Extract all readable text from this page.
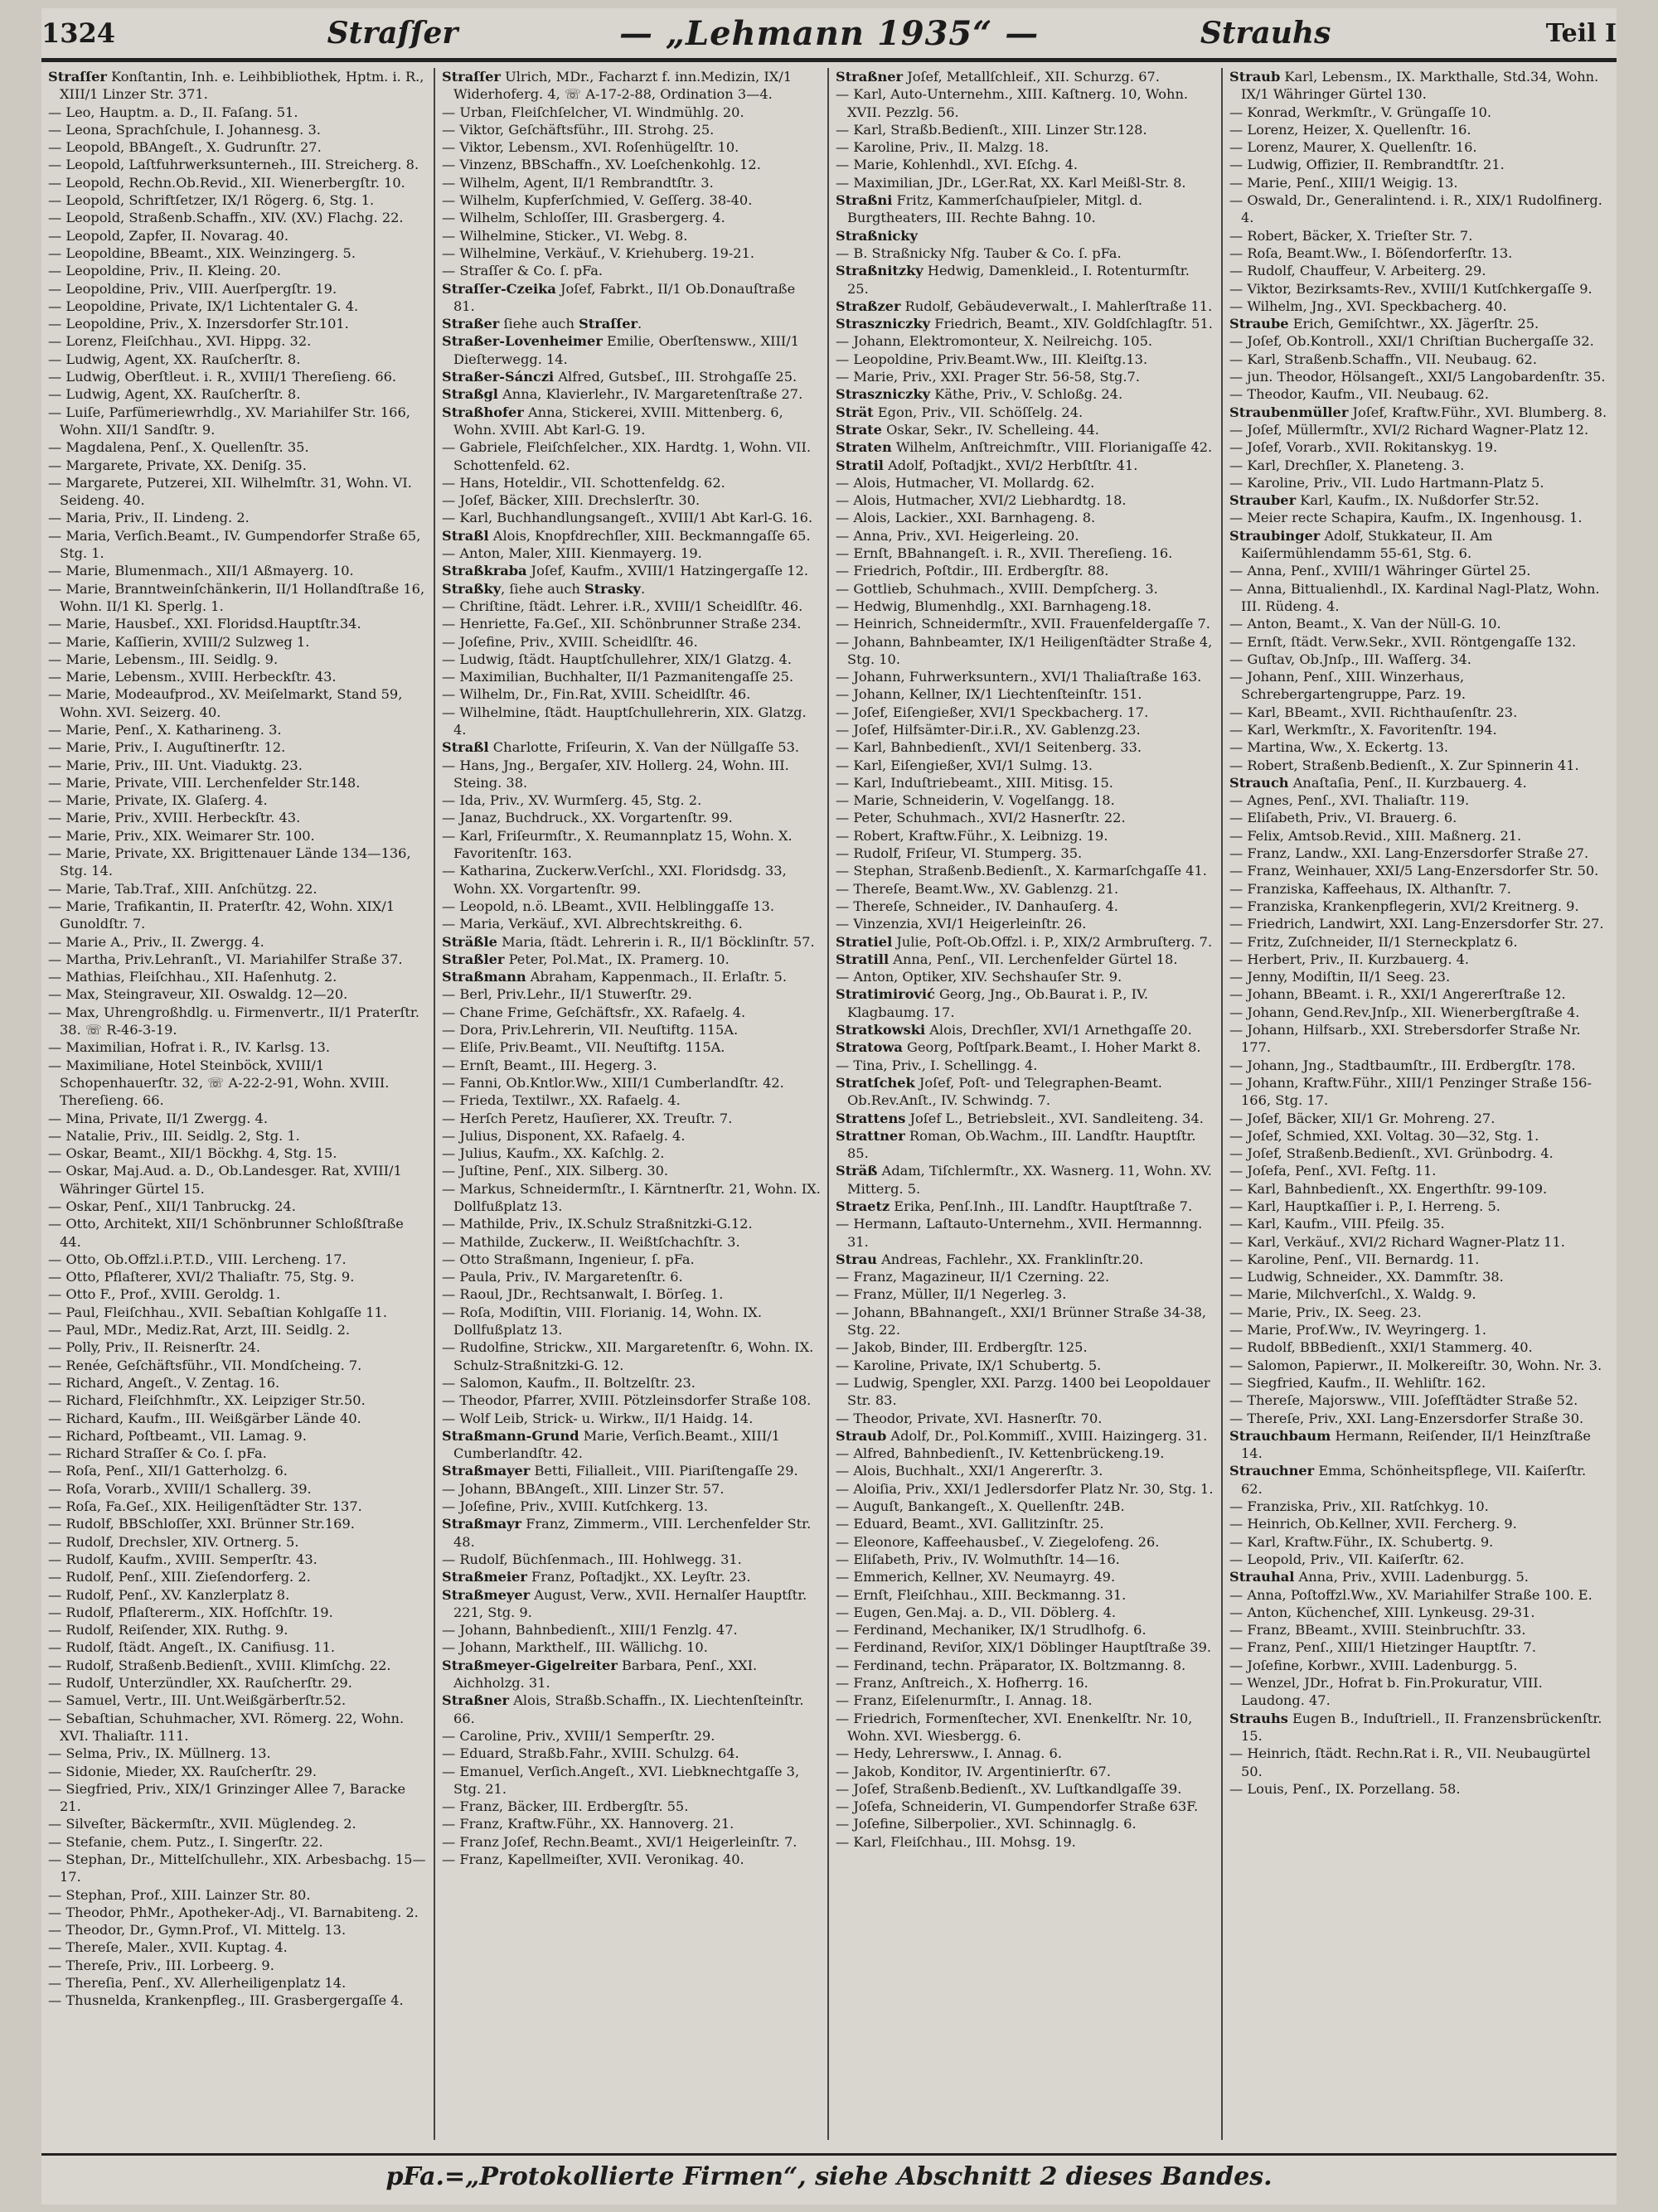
1324	Straſſer	— „Lehmann 1935“ —	Strauhs	Teil I

Straſſer Konſtantin, Inh. e. Leihbibliothek, Hptm. i. R., XIII/1 Linzer Str. 371.

— Leo, Hauptm. a. D., II. Faſang. 51.

— Leona, Sprachſchule, I. Johannesg. 3.

— Leopold, BBAngeſt., X. Gudrunſtr. 27.

— Leopold, Laſtfuhrwerksunterneh., III. Streicherg. 8.

— Leopold, Rechn.Ob.Revid., XII. Wienerbergſtr. 10.

— Leopold, Schriftſetzer, IX/1 Rögerg. 6, Stg. 1.

— Leopold, Straßenb.Schaffn., XIV. (XV.) Flachg. 22.

— Leopold, Zapfer, II. Novarag. 40.

— Leopoldine, BBeamt., XIX. Weinzingerg. 5.

— Leopoldine, Priv., II. Kleing. 20.

— Leopoldine, Priv., VIII. Auerſpergſtr. 19.

— Leopoldine, Private, IX/1 Lichtentaler G. 4.

— Leopoldine, Priv., X. Inzersdorfer Str.101.

— Lorenz, Fleiſchhau., XVI. Hippg. 32.

— Ludwig, Agent, XX. Rauſcherſtr. 8.

— Ludwig, Oberſtleut. i. R., XVIII/1 Thereſieng. 66.

— Ludwig, Agent, XX. Rauſcherſtr. 8.

— Luiſe, Parfümeriewrhdlg., XV. Mariahilfer Str. 166, Wohn. XII/1 Sandſtr. 9.

— Magdalena, Penſ., X. Quellenſtr. 35.

— Margarete, Private, XX. Deniſg. 35.

— Margarete, Putzerei, XII. Wilhelmſtr. 31, Wohn. VI. Seideng. 40.

— Maria, Priv., II. Lindeng. 2.

— Maria, Verſich.Beamt., IV. Gumpendorfer Straße 65, Stg. 1.

— Marie, Blumenmach., XII/1 Aßmayerg. 10.

— Marie, Branntweinſchänkerin, II/1 Hollandſtraße 16, Wohn. II/1 Kl. Sperlg. 1.

— Marie, Hausbeſ., XXI. Floridsd.Hauptſtr.34.

— Marie, Kaſſierin, XVIII/2 Sulzweg 1.

— Marie, Lebensm., III. Seidlg. 9.

— Marie, Lebensm., XVIII. Herbeckſtr. 43.

— Marie, Modeaufprod., XV. Meiſelmarkt, Stand 59, Wohn. XVI. Seizerg. 40.

— Marie, Penſ., X. Katharineng. 3.

— Marie, Priv., I. Auguſtinerſtr. 12.

— Marie, Priv., III. Unt. Viaduktg. 23.

— Marie, Private, VIII. Lerchenfelder Str.148.

— Marie, Private, IX. Glaſerg. 4.

— Marie, Priv., XVIII. Herbeckſtr. 43.

— Marie, Priv., XIX. Weimarer Str. 100.

— Marie, Private, XX. Brigittenauer Lände 134—136, Stg. 14.

— Marie, Tab.Traf., XIII. Anſchützg. 22.

— Marie, Trafikantin, II. Praterſtr. 42, Wohn. XIX/1 Gunoldſtr. 7.

— Marie A., Priv., II. Zwergg. 4.

— Martha, Priv.Lehranſt., VI. Mariahilfer Straße 37.

— Mathias, Fleiſchhau., XII. Haſenhutg. 2.

— Max, Steingraveur, XII. Oswaldg. 12—20.

— Max, Uhrengroßhdlg. u. Firmenvertr., II/1 Praterſtr. 38. ☏ R-46-3-19.

— Maximilian, Hofrat i. R., IV. Karlsg. 13.

— Maximiliane, Hotel Steinböck, XVIII/1 Schopenhauerſtr. 32, ☏ A-22-2-91, Wohn. XVIII. Thereſieng. 66.

— Mina, Private, II/1 Zwergg. 4.

— Natalie, Priv., III. Seidlg. 2, Stg. 1.

— Oskar, Beamt., XII/1 Böckhg. 4, Stg. 15.

— Oskar, Maj.Aud. a. D., Ob.Landesger. Rat, XVIII/1 Währinger Gürtel 15.

— Oskar, Penſ., XII/1 Tanbruckg. 24.

— Otto, Architekt, XII/1 Schönbrunner Schloßſtraße 44.

— Otto, Ob.Offzl.i.P.T.D., VIII. Lercheng. 17.

— Otto, Pflaſterer, XVI/2 Thaliaſtr. 75, Stg. 9.

— Otto F., Prof., XVIII. Geroldg. 1.

— Paul, Fleiſchhau., XVII. Sebaſtian Kohlgaſſe 11.

— Paul, MDr., Mediz.Rat, Arzt, III. Seidlg. 2.

— Polly, Priv., II. Reisnerſtr. 24.

— Renée, Geſchäftsführ., VII. Mondſcheing. 7.

— Richard, Angeſt., V. Zentag. 16.

— Richard, Fleiſchhmſtr., XX. Leipziger Str.50.

— Richard, Kaufm., III. Weißgärber Lände 40.

— Richard, Poſtbeamt., VII. Lamag. 9.

— Richard Straſſer & Co. ſ. pFa.

— Roſa, Penſ., XII/1 Gatterholzg. 6.

— Roſa, Vorarb., XVIII/1 Schallerg. 39.

— Roſa, Fa.Geſ., XIX. Heiligenſtädter Str. 137.

— Rudolf, BBSchloſſer, XXI. Brünner Str.169.

— Rudolf, Drechsler, XIV. Ortnerg. 5.

— Rudolf, Kaufm., XVIII. Semperſtr. 43.

— Rudolf, Penſ., XIII. Zieſendorferg. 2.

— Rudolf, Penſ., XV. Kanzlerplatz 8.

— Rudolf, Pflaſtererm., XIX. Hofſchſtr. 19.

— Rudolf, Reiſender, XIX. Ruthg. 9.

— Rudolf, ſtädt. Angeſt., IX. Canifiusg. 11.

— Rudolf, Straßenb.Bedienſt., XVIII. Klimſchg. 22.

— Rudolf, Unterzündler, XX. Rauſcherſtr. 29.

— Samuel, Vertr., III. Unt.Weißgärberſtr.52.

— Sebaſtian, Schuhmacher, XVI. Römerg. 22, Wohn. XVI. Thaliaſtr. 111.

— Selma, Priv., IX. Müllnerg. 13.

— Sidonie, Mieder, XX. Rauſcherſtr. 29.

— Siegfried, Priv., XIX/1 Grinzinger Allee 7, Baracke 21.

— Silveſter, Bäckermſtr., XVII. Müglendeg. 2.

— Stefanie, chem. Putz., I. Singerſtr. 22.

— Stephan, Dr., Mittelſchullehr., XIX. Arbesbachg. 15—17.

— Stephan, Prof., XIII. Lainzer Str. 80.

— Theodor, PhMr., Apotheker-Adj., VI. Barnabiteng. 2.

— Theodor, Dr., Gymn.Prof., VI. Mittelg. 13.

— Thereſe, Maler., XVII. Kuptag. 4.

— Thereſe, Priv., III. Lorbeerg. 9.

— Thereſia, Penſ., XV. Allerheiligenplatz 14.

— Thusnelda, Krankenpfleg., III. Grasbergergaſſe 4.

Straſſer Ulrich, MDr., Facharzt f. inn.Medizin, IX/1 Widerhoferg. 4, ☏ A-17-2-88, Ordination 3—4.

— Urban, Fleiſchſelcher, VI. Windmühlg. 20.

— Viktor, Geſchäftsführ., III. Strohg. 25.

— Viktor, Lebensm., XVI. Roſenhügelſtr. 10.

— Vinzenz, BBSchaffn., XV. Loeſchenkohlg. 12.

— Wilhelm, Agent, II/1 Rembrandtſtr. 3.

— Wilhelm, Kupferſchmied, V. Geſſerg. 38-40.

— Wilhelm, Schloſſer, III. Grasbergerg. 4.

— Wilhelmine, Sticker., VI. Webg. 8.

— Wilhelmine, Verkäuf., V. Kriehuberg. 19-21.

— Straſſer & Co. ſ. pFa.

Straſſer-Czeika Joſef, Fabrkt., II/1 Ob.Donauſtraße 81.

Straßer ſiehe auch Straſſer.

Straßer-Lovenheimer Emilie, Oberſtensww., XIII/1 Dieſterwegg. 14.

Straßer-Sánczi Alfred, Gutsbeſ., III. Strohgaſſe 25.

Straßgl Anna, Klavierlehr., IV. Margaretenſtraße 27.

Straßhofer Anna, Stickerei, XVIII. Mittenberg. 6, Wohn. XVIII. Abt Karl-G. 19.

— Gabriele, Fleiſchſelcher., XIX. Hardtg. 1, Wohn. VII. Schottenfeld. 62.

— Hans, Hoteldir., VII. Schottenfeldg. 62.

— Joſef, Bäcker, XIII. Drechslerſtr. 30.

— Karl, Buchhandlungsangeſt., XVIII/1 Abt Karl-G. 16.

Straßl Alois, Knopfdrechſler, XIII. Beckmanngaſſe 65.

— Anton, Maler, XIII. Kienmayerg. 19.

Straßkraba Joſef, Kaufm., XVIII/1 Hatzingergaſſe 12.

Straßky, ſiehe auch Strasky.

— Chriſtine, ſtädt. Lehrer. i.R., XVIII/1 Scheidlſtr. 46.

— Henriette, Fa.Geſ., XII. Schönbrunner Straße 234.

— Joſefine, Priv., XVIII. Scheidlſtr. 46.

— Ludwig, ſtädt. Hauptſchullehrer, XIX/1 Glatzg. 4.

— Maximilian, Buchhalter, II/1 Pazmanitengaſſe 25.

— Wilhelm, Dr., Fin.Rat, XVIII. Scheidlſtr. 46.

— Wilhelmine, ſtädt. Hauptſchullehrerin, XIX. Glatzg. 4.

Straßl Charlotte, Friſeurin, X. Van der Nüllgaſſe 53.

— Hans, Jng., Bergaſer, XIV. Hollerg. 24, Wohn. III. Steing. 38.

— Ida, Priv., XV. Wurmſerg. 45, Stg. 2.

— Janaz, Buchdruck., XX. Vorgartenſtr. 99.

— Karl, Friſeurmſtr., X. Reumannplatz 15, Wohn. X. Favoritenſtr. 163.

— Katharina, Zuckerw.Verſchl., XXI. Floridsdg. 33, Wohn. XX. Vorgartenſtr. 99.

— Leopold, n.ö. LBeamt., XVII. Helblinggaſſe 13.

— Maria, Verkäuf., XVI. Albrechtskreithg. 6.

Sträßle Maria, ſtädt. Lehrerin i. R., II/1 Böcklinſtr. 57.

Straßler Peter, Pol.Mat., IX. Pramerg. 10.

Straßmann Abraham, Kappenmach., II. Erlaſtr. 5.

— Berl, Priv.Lehr., II/1 Stuwerſtr. 29.

— Chane Frime, Geſchäftsfr., XX. Rafaelg. 4.

— Dora, Priv.Lehrerin, VII. Neuſtiftg. 115A.

— Eliſe, Priv.Beamt., VII. Neuſtiftg. 115A.

— Ernſt, Beamt., III. Hegerg. 3.

— Fanni, Ob.Kntlor.Ww., XIII/1 Cumberlandſtr. 42.

— Frieda, Textilwr., XX. Rafaelg. 4.

— Herſch Peretz, Hauſierer, XX. Treuſtr. 7.

— Julius, Disponent, XX. Rafaelg. 4.

— Julius, Kaufm., XX. Kaſchlg. 2.

— Juſtine, Penſ., XIX. Silberg. 30.

— Markus, Schneidermſtr., I. Kärntnerſtr. 21, Wohn. IX. Dollfußplatz 13.

— Mathilde, Priv., IX.Schulz Straßnitzki-G.12.

— Mathilde, Zuckerw., II. Weißtſchachſtr. 3.

— Otto Straßmann, Ingenieur, ſ. pFa.

— Paula, Priv., IV. Margaretenſtr. 6.

— Raoul, JDr., Rechtsanwalt, I. Börſeg. 1.

— Roſa, Modiſtin, VIII. Florianig. 14, Wohn. IX. Dollfußplatz 13.

— Rudolfine, Strickw., XII. Margaretenſtr. 6, Wohn. IX. Schulz-Straßnitzki-G. 12.

— Salomon, Kaufm., II. Boltzelſtr. 23.

— Theodor, Pfarrer, XVIII. Pötzleinsdorfer Straße 108.

— Wolf Leib, Strick- u. Wirkw., II/1 Haidg. 14.

Straßmann-Grund Marie, Verſich.Beamt., XIII/1 Cumberlandſtr. 42.

Straßmayer Betti, Filialleit., VIII. Piariſtengaſſe 29.

— Johann, BBAngeſt., XIII. Linzer Str. 57.

— Joſefine, Priv., XVIII. Kutſchkerg. 13.

Straßmayr Franz, Zimmerm., VIII. Lerchenfelder Str. 48.

— Rudolf, Büchſenmach., III. Hohlwegg. 31.

Straßmeier Franz, Poſtadjkt., XX. Leyſtr. 23.

Straßmeyer August, Verw., XVII. Hernalſer Hauptſtr. 221, Stg. 9.

— Johann, Bahnbedienſt., XIII/1 Fenzlg. 47.

— Johann, Markthelf., III. Wällichg. 10.

Straßmeyer-Gigelreiter Barbara, Penſ., XXI. Aichholzg. 31.

Straßner Alois, Straßb.Schaffn., IX. Liechtenſteinſtr. 66.

— Caroline, Priv., XVIII/1 Semperſtr. 29.

— Eduard, Straßb.Fahr., XVIII. Schulzg. 64.

— Emanuel, Verſich.Angeſt., XVI. Liebknechtgaſſe 3, Stg. 21.

— Franz, Bäcker, III. Erdbergſtr. 55.

— Franz, Kraftw.Führ., XX. Hannoverg. 21.

— Franz Joſef, Rechn.Beamt., XVI/1 Heigerleinſtr. 7.

— Franz, Kapellmeiſter, XVII. Veronikag. 40.

Straßner Joſef, Metallſchleif., XII. Schurzg. 67.

— Karl, Auto-Unternehm., XIII. Kaſtnerg. 10, Wohn. XVII. Pezzlg. 56.

— Karl, Straßb.Bedienſt., XIII. Linzer Str.128.

— Karoline, Priv., II. Malzg. 18.

— Marie, Kohlenhdl., XVI. Eſchg. 4.

— Maximilian, JDr., LGer.Rat, XX. Karl Meißl-Str. 8.

Straßni Fritz, Kammerſchauſpieler, Mitgl. d. Burgtheaters, III. Rechte Bahng. 10.

Straßnicky

— B. Straßnicky Nfg. Tauber & Co. ſ. pFa.

Straßnitzky Hedwig, Damenkleid., I. Rotenturmſtr. 25.

Straßzer Rudolf, Gebäudeverwalt., I. Mahlerſtraße 11.

Straszniczky Friedrich, Beamt., XIV. Goldſchlagſtr. 51.

— Johann, Elektromonteur, X. Neilreichg. 105.

— Leopoldine, Priv.Beamt.Ww., III. Kleiſtg.13.

— Marie, Priv., XXI. Prager Str. 56-58, Stg.7.

Straszniczky Käthe, Priv., V. Schloßg. 24.

Strät Egon, Priv., VII. Schöſſelg. 24.

Strate Oskar, Sekr., IV. Schelleing. 44.

Straten Wilhelm, Anſtreichmſtr., VIII. Florianigaſſe 42.

Stratil Adolf, Poſtadjkt., XVI/2 Herbſtſtr. 41.

— Alois, Hutmacher, VI. Mollardg. 62.

— Alois, Hutmacher, XVI/2 Liebhardtg. 18.

— Alois, Lackier., XXI. Barnhageng. 8.

— Anna, Priv., XVI. Heigerleing. 20.

— Ernſt, BBahnangeſt. i. R., XVII. Thereſieng. 16.

— Friedrich, Poſtdir., III. Erdbergſtr. 88.

— Gottlieb, Schuhmach., XVIII. Dempſcherg. 3.

— Hedwig, Blumenhdlg., XXI. Barnhageng.18.

— Heinrich, Schneidermſtr., XVII. Frauenfeldergaſſe 7.

— Johann, Bahnbeamter, IX/1 Heiligenſtädter Straße 4, Stg. 10.

— Johann, Fuhrwerksuntern., XVI/1 Thaliaſtraße 163.

— Johann, Kellner, IX/1 Liechtenſteinſtr. 151.

— Joſef, Eiſengießer, XVI/1 Speckbacherg. 17.

— Joſef, Hilfsämter-Dir.i.R., XV. Gablenzg.23.

— Karl, Bahnbedienſt., XVI/1 Seitenberg. 33.

— Karl, Eiſengießer, XVI/1 Sulmg. 13.

— Karl, Induſtriebeamt., XIII. Mitisg. 15.

— Marie, Schneiderin, V. Vogelſangg. 18.

— Peter, Schuhmach., XVI/2 Hasnerſtr. 22.

— Robert, Kraftw.Führ., X. Leibnizg. 19.

— Rudolf, Friſeur, VI. Stumperg. 35.

— Stephan, Straßenb.Bedienſt., X. Karmarſchgaſſe 41.

— Thereſe, Beamt.Ww., XV. Gablenzg. 21.

— Thereſe, Schneider., IV. Danhauſerg. 4.

— Vinzenzia, XVI/1 Heigerleinſtr. 26.

Stratiel Julie, Poſt-Ob.Offzl. i. P., XIX/2 Armbruſterg. 7.

Stratill Anna, Penſ., VII. Lerchenfelder Gürtel 18.

— Anton, Optiker, XIV. Sechshauſer Str. 9.

Stratimirović Georg, Jng., Ob.Baurat i. P., IV. Klagbaumg. 17.

Stratkowski Alois, Drechſler, XVI/1 Arnethgaſſe 20.

Stratowa Georg, Poſtſpark.Beamt., I. Hoher Markt 8.

— Tina, Priv., I. Schellingg. 4.

Stratſchek Joſef, Poſt- und Telegraphen-Beamt. Ob.Rev.Anſt., IV. Schwindg. 7.

Strattens Joſef L., Betriebsleit., XVI. Sandleiteng. 34.

Strattner Roman, Ob.Wachm., III. Landſtr. Hauptſtr. 85.

Sträß Adam, Tiſchlermſtr., XX. Wasnerg. 11, Wohn. XV. Mitterg. 5.

Straetz Erika, Penſ.Inh., III. Landſtr. Hauptſtraße 7.

— Hermann, Laſtauto-Unternehm., XVII. Hermannng. 31.

Strau Andreas, Fachlehr., XX. Franklinſtr.20.

— Franz, Magazineur, II/1 Czerning. 22.

— Franz, Müller, II/1 Negerleg. 3.

— Johann, BBahnangeſt., XXI/1 Brünner Straße 34-38, Stg. 22.

— Jakob, Binder, III. Erdbergſtr. 125.

— Karoline, Private, IX/1 Schubertg. 5.

— Ludwig, Spengler, XXI. Parzg. 1400 bei Leopoldauer Str. 83.

— Theodor, Private, XVI. Hasnerſtr. 70.

Straub Adolf, Dr., Pol.Kommiſſ., XVIII. Haizingerg. 31.

— Alfred, Bahnbedienſt., IV. Kettenbrückeng.19.

— Alois, Buchhalt., XXI/1 Angererſtr. 3.

— Aloiſia, Priv., XXI/1 Jedlersdorfer Platz Nr. 30, Stg. 1.

— Auguſt, Bankangeſt., X. Quellenſtr. 24B.

— Eduard, Beamt., XVI. Gallitzinſtr. 25.

— Eleonore, Kaffeehausbeſ., V. Ziegelofeng. 26.

— Eliſabeth, Priv., IV. Wolmuthſtr. 14—16.

— Emmerich, Kellner, XV. Neumayrg. 49.

— Ernſt, Fleiſchhau., XIII. Beckmanng. 31.

— Eugen, Gen.Maj. a. D., VII. Döblerg. 4.

— Ferdinand, Mechaniker, IX/1 Strudlhofg. 6.

— Ferdinand, Reviſor, XIX/1 Döblinger Hauptſtraße 39.

— Ferdinand, techn. Präparator, IX. Boltzmanng. 8.

— Franz, Anſtreich., X. Hofherrg. 16.

— Franz, Eiſelenurmſtr., I. Annag. 18.

— Friedrich, Formenſtecher, XVI. Enenkelſtr. Nr. 10, Wohn. XVI. Wiesbergg. 6.

— Hedy, Lehrersww., I. Annag. 6.

— Jakob, Konditor, IV. Argentinierſtr. 67.

— Joſef, Straßenb.Bedienſt., XV. Luſtkandlgaſſe 39.

— Joſefa, Schneiderin, VI. Gumpendorfer Straße 63F.

— Joſefine, Silberpolier., XVI. Schinnaglg. 6.

— Karl, Fleiſchhau., III. Mohsg. 19.

Straub Karl, Lebensm., IX. Markthalle, Std.34, Wohn. IX/1 Währinger Gürtel 130.

— Konrad, Werkmſtr., V. Grüngaſſe 10.

— Lorenz, Heizer, X. Quellenſtr. 16.

— Lorenz, Maurer, X. Quellenſtr. 16.

— Ludwig, Offizier, II. Rembrandtſtr. 21.

— Marie, Penſ., XIII/1 Weigig. 13.

— Oswald, Dr., Generalintend. i. R., XIX/1 Rudolfinerg. 4.

— Robert, Bäcker, X. Trieſter Str. 7.

— Roſa, Beamt.Ww., I. Böſendorferſtr. 13.

— Rudolf, Chauffeur, V. Arbeiterg. 29.

— Viktor, Bezirksamts-Rev., XVIII/1 Kutſchkergaſſe 9.

— Wilhelm, Jng., XVI. Speckbacherg. 40.

Straube Erich, Gemiſchtwr., XX. Jägerſtr. 25.

— Joſef, Ob.Kontroll., XXI/1 Chriſtian Buchergaſſe 32.

— Karl, Straßenb.Schaffn., VII. Neubaug. 62.

— jun. Theodor, Hölsangeſt., XXI/5 Langobardenſtr. 35.

— Theodor, Kaufm., VII. Neubaug. 62.

Straubenmüller Joſef, Kraftw.Führ., XVI. Blumberg. 8.

— Joſef, Müllermſtr., XVI/2 Richard Wagner-Platz 12.

— Joſef, Vorarb., XVII. Rokitanskyg. 19.

— Karl, Drechſler, X. Planeteng. 3.

— Karoline, Priv., VII. Ludo Hartmann-Platz 5.

Strauber Karl, Kaufm., IX. Nußdorfer Str.52.

— Meier recte Schapira, Kaufm., IX. Ingenhousg. 1.

Straubinger Adolf, Stukkateur, II. Am Kaiſermühlendamm 55-61, Stg. 6.

— Anna, Penſ., XVIII/1 Währinger Gürtel 25.

— Anna, Bittualienhdl., IX. Kardinal Nagl-Platz, Wohn. III. Rüdeng. 4.

— Anton, Beamt., X. Van der Nüll-G. 10.

— Ernſt, ſtädt. Verw.Sekr., XVII. Röntgengaſſe 132.

— Guſtav, Ob.Jnſp., III. Waſſerg. 34.

— Johann, Penſ., XIII. Winzerhaus, Schrebergartengruppe, Parz. 19.

— Karl, BBeamt., XVII. Richthauſenſtr. 23.

— Karl, Werkmſtr., X. Favoritenſtr. 194.

— Martina, Ww., X. Eckertg. 13.

— Robert, Straßenb.Bedienſt., X. Zur Spinnerin 41.

Strauch Anaſtaſia, Penſ., II. Kurzbauerg. 4.

— Agnes, Penſ., XVI. Thaliaſtr. 119.

— Eliſabeth, Priv., VI. Brauerg. 6.

— Felix, Amtsob.Revid., XIII. Maßnerg. 21.

— Franz, Landw., XXI. Lang-Enzersdorfer Straße 27.

— Franz, Weinhauer, XXI/5 Lang-Enzersdorfer Str. 50.

— Franziska, Kaffeehaus, IX. Althanſtr. 7.

— Franziska, Krankenpflegerin, XVI/2 Kreitnerg. 9.

— Friedrich, Landwirt, XXI. Lang-Enzersdorfer Str. 27.

— Fritz, Zuſchneider, II/1 Sterneckplatz 6.

— Herbert, Priv., II. Kurzbauerg. 4.

— Jenny, Modiſtin, II/1 Seeg. 23.

— Johann, BBeamt. i. R., XXI/1 Angererſtraße 12.

— Johann, Gend.Rev.Jnſp., XII. Wienerbergſtraße 4.

— Johann, Hilfsarb., XXI. Strebersdorfer Straße Nr. 177.

— Johann, Jng., Stadtbaumſtr., III. Erdbergſtr. 178.

— Johann, Kraftw.Führ., XIII/1 Penzinger Straße 156-166, Stg. 17.

— Joſef, Bäcker, XII/1 Gr. Mohreng. 27.

— Joſef, Schmied, XXI. Voltag. 30—32, Stg. 1.

— Joſef, Straßenb.Bedienſt., XVI. Grünbodrg. 4.

— Joſefa, Penſ., XVI. Feſtg. 11.

— Karl, Bahnbedienſt., XX. Engerthſtr. 99-109.

— Karl, Hauptkaſſier i. P., I. Herreng. 5.

— Karl, Kaufm., VIII. Pfeilg. 35.

— Karl, Verkäuf., XVI/2 Richard Wagner-Platz 11.

— Karoline, Penſ., VII. Bernardg. 11.

— Ludwig, Schneider., XX. Dammſtr. 38.

— Marie, Milchverſchl., X. Waldg. 9.

— Marie, Priv., IX. Seeg. 23.

— Marie, Prof.Ww., IV. Weyringerg. 1.

— Rudolf, BBBedienſt., XXI/1 Stammerg. 40.

— Salomon, Papierwr., II. Molkereiſtr. 30, Wohn. Nr. 3.

— Siegfried, Kaufm., II. Wehliſtr. 162.

— Thereſe, Majorsww., VIII. Joſefſtädter Straße 52.

— Thereſe, Priv., XXI. Lang-Enzersdorfer Straße 30.

Strauchbaum Hermann, Reiſender, II/1 Heinzſtraße 14.

Strauchner Emma, Schönheitspflege, VII. Kaiſerſtr. 62.

— Franziska, Priv., XII. Ratſchkyg. 10.

— Heinrich, Ob.Kellner, XVII. Fercherg. 9.

— Karl, Kraftw.Führ., IX. Schubertg. 9.

— Leopold, Priv., VII. Kaiſerſtr. 62.

Strauhal Anna, Priv., XVIII. Ladenburgg. 5.

— Anna, Poſtoffzl.Ww., XV. Mariahilfer Straße 100. E.

— Anton, Küchenchef, XIII. Lynkeusg. 29-31.

— Franz, BBeamt., XVIII. Steinbruchſtr. 33.

— Franz, Penſ., XIII/1 Hietzinger Hauptſtr. 7.

— Joſefine, Korbwr., XVIII. Ladenburgg. 5.

— Wenzel, JDr., Hofrat b. Fin.Prokuratur, VIII. Laudong. 47.

Strauhs Eugen B., Induſtriell., II. Franzensbrückenſtr. 15.

— Heinrich, ſtädt. Rechn.Rat i. R., VII. Neubaugürtel 50.

— Louis, Penſ., IX. Porzellang. 58.

pFa.=„Protokollierte Firmen“, siehe Abschnitt 2 dieses Bandes.
